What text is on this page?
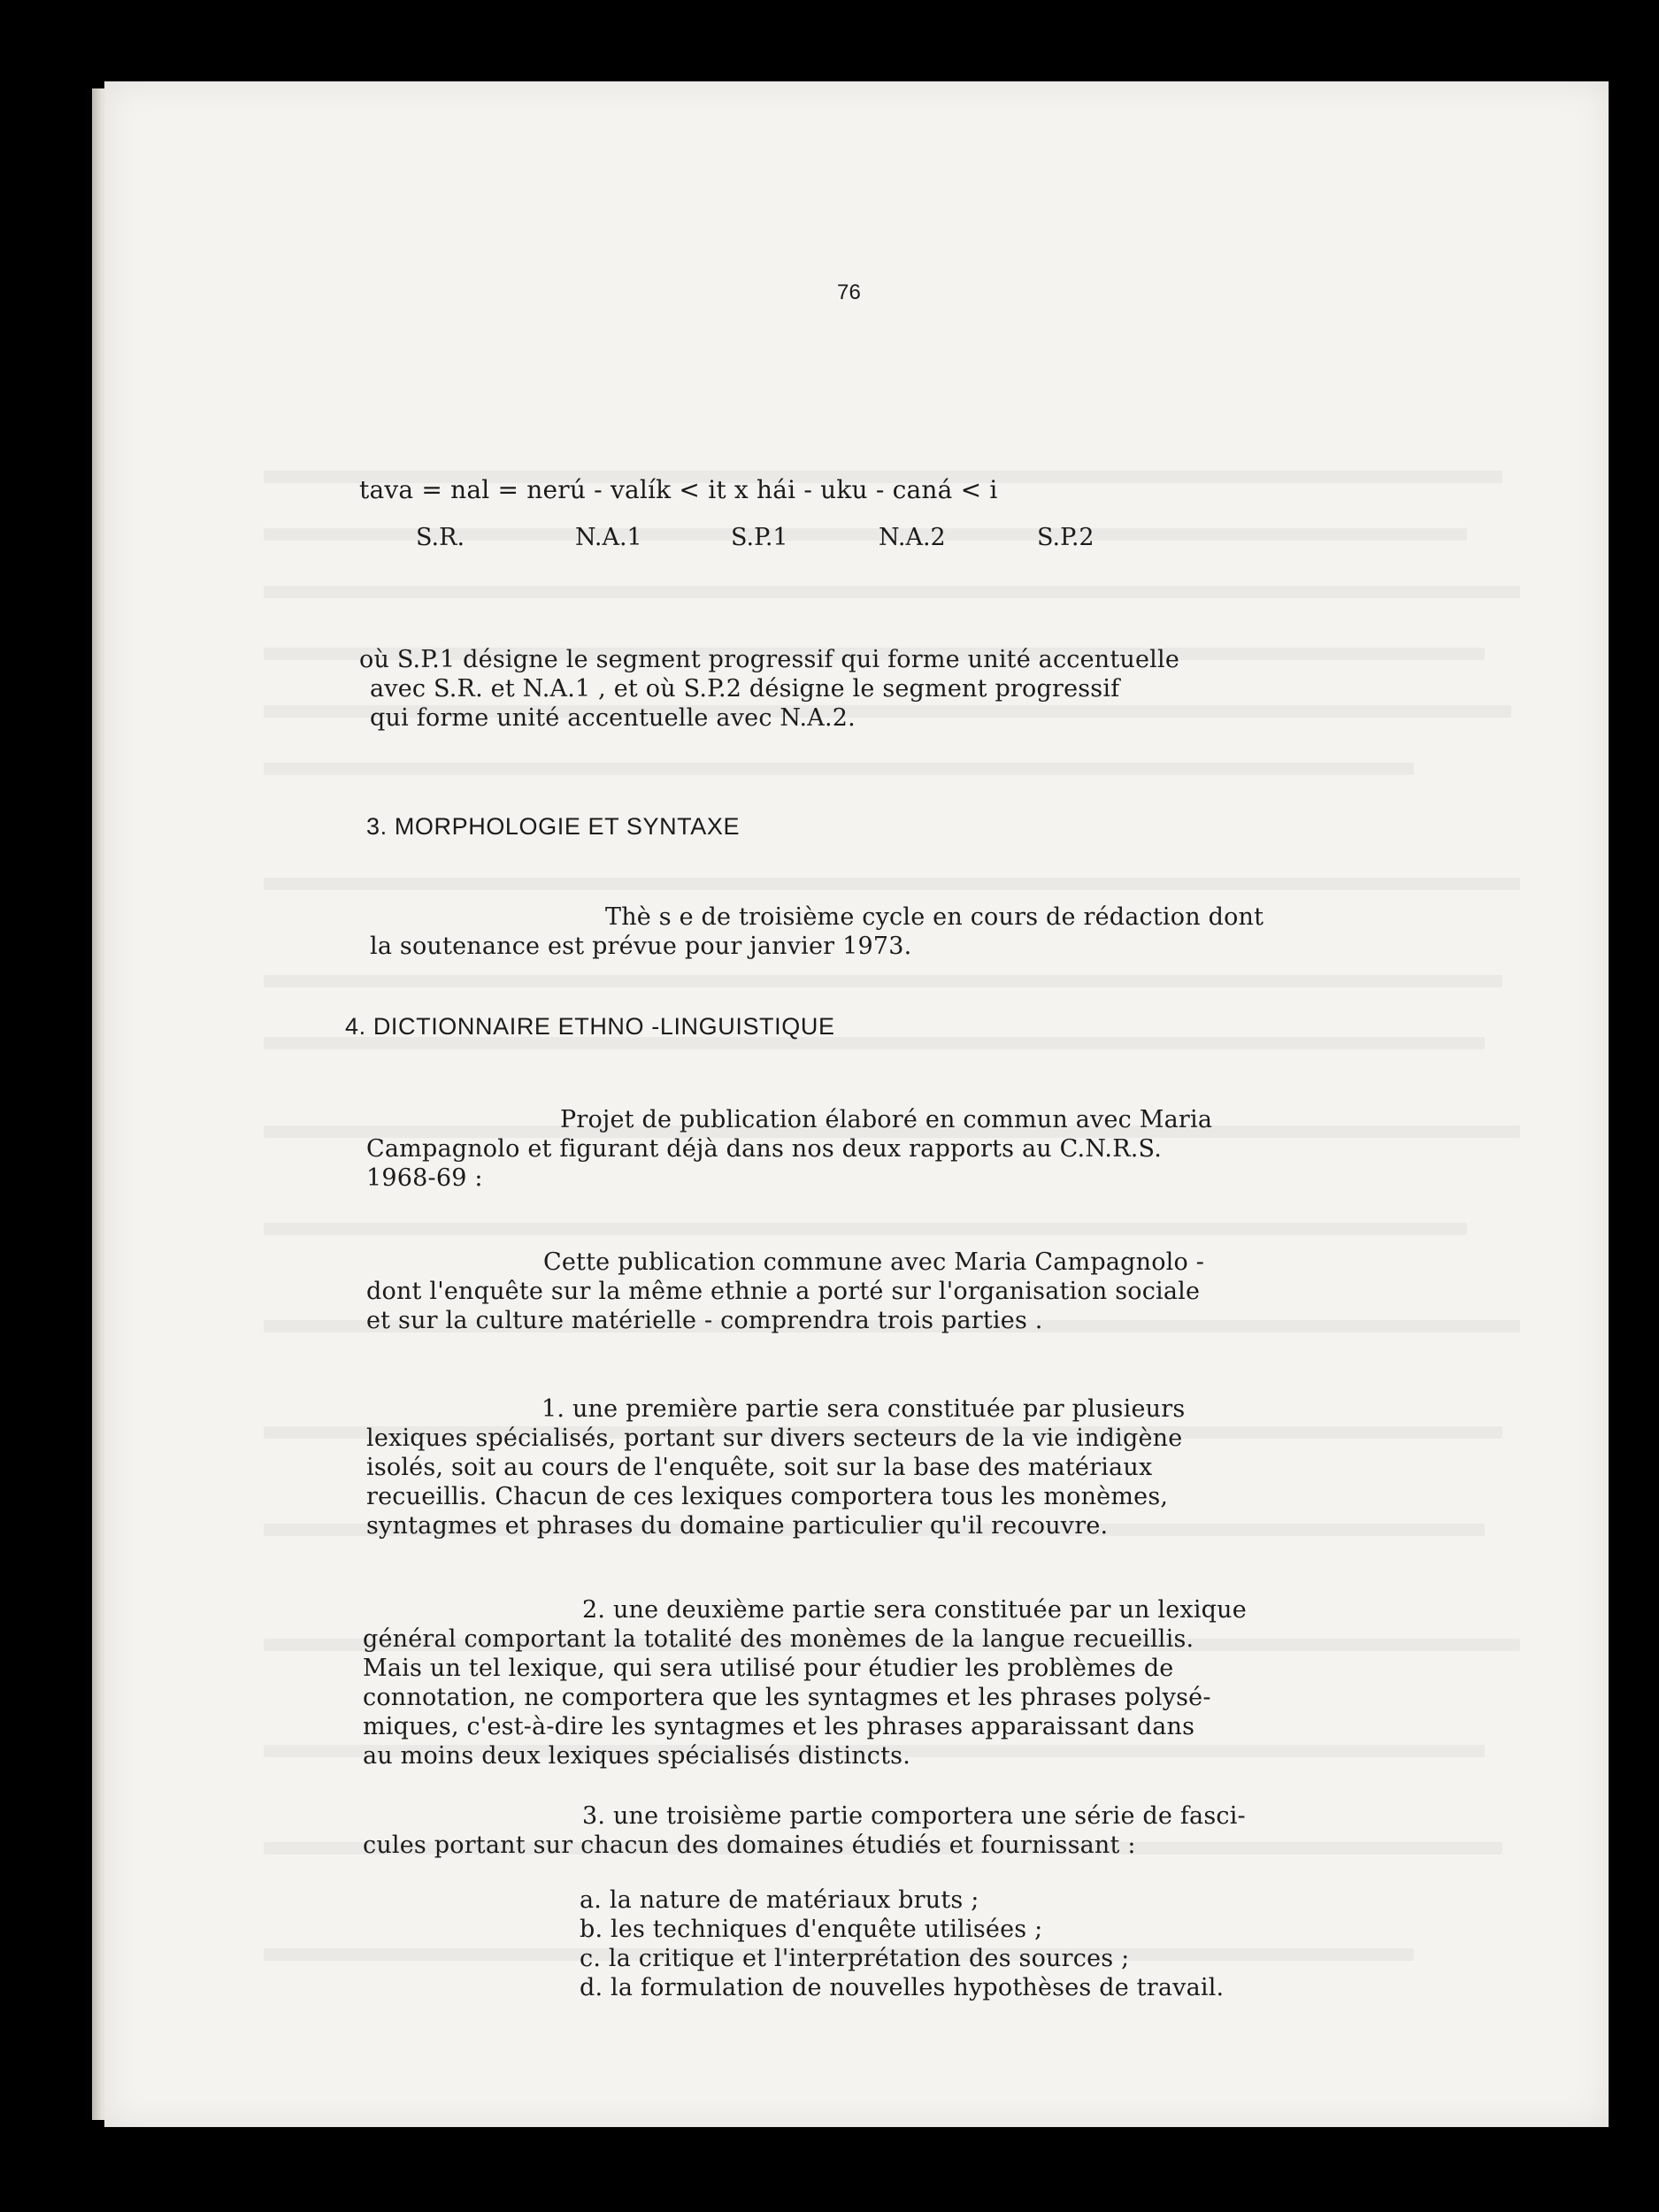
76
tava = nal = nerú - valík < it x hái - uku - caná < i
S.R.	N.A.1	S.P.1	N.A.2	S.P.2
où S.P.1 désigne le segment progressif qui forme unité accentuelle
avec S.R. et N.A.1 , et où S.P.2 désigne le segment progressif
qui forme unité accentuelle avec N.A.2.
3. MORPHOLOGIE ET SYNTAXE
Thè s e de troisième cycle en cours de rédaction dont
la soutenance est prévue pour janvier 1973.
4. DICTIONNAIRE ETHNO -LINGUISTIQUE
Projet de publication élaboré en commun avec Maria
Campagnolo et figurant déjà dans nos deux rapports au C.N.R.S.
1968-69 :
Cette publication commune avec Maria Campagnolo -
dont l'enquête sur la même ethnie a porté sur l'organisation sociale
et sur la culture matérielle - comprendra trois parties .
1. une première partie sera constituée par plusieurs
lexiques spécialisés, portant sur divers secteurs de la vie indigène
isolés, soit au cours de l'enquête, soit sur la base des matériaux
recueillis. Chacun de ces lexiques comportera tous les monèmes,
syntagmes et phrases du domaine particulier qu'il recouvre.
2. une deuxième partie sera constituée par un lexique
général comportant la totalité des monèmes de la langue recueillis.
Mais un tel lexique, qui sera utilisé pour étudier les problèmes de
connotation, ne comportera que les syntagmes et les phrases polysé-
miques, c'est-à-dire les syntagmes et les phrases apparaissant dans
au moins deux lexiques spécialisés distincts.
3. une troisième partie comportera une série de fasci-
cules portant sur chacun des domaines étudiés et fournissant :
a. la nature de matériaux bruts ;
b. les techniques d'enquête utilisées ;
c. la critique et l'interprétation des sources ;
d. la formulation de nouvelles hypothèses de travail.
